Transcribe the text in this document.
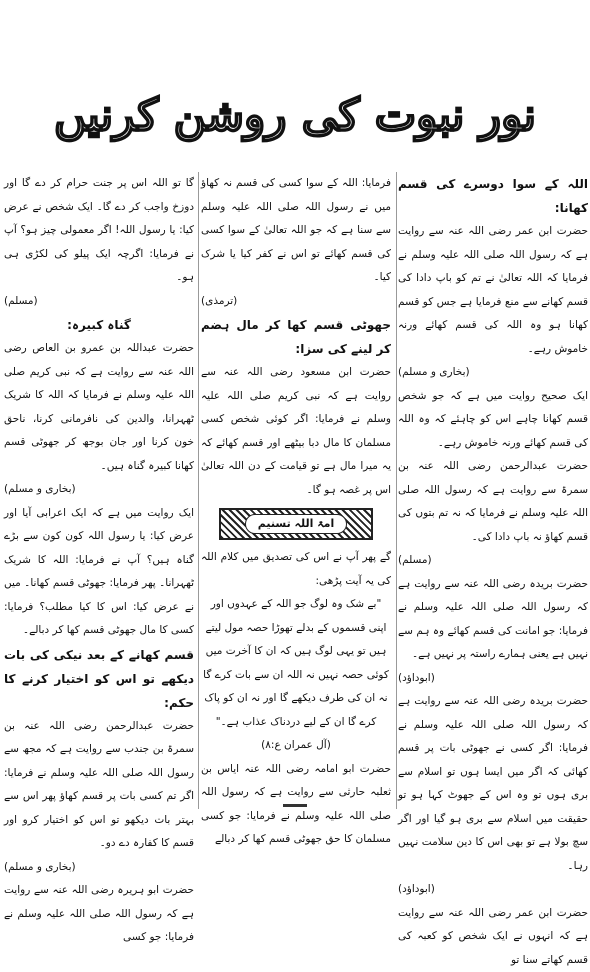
نور نبوت کی روشن کرنیں
اللہ کے سوا دوسرے کی قسم کھانا:

حضرت ابن عمر رضی اللہ عنہ سے روایت ہے کہ رسول اللہ صلی اللہ علیہ وسلم نے فرمایا کہ اللہ تعالیٰ نے تم کو باپ دادا کی قسم کھانے سے منع فرمایا ہے جس کو قسم کھانا ہو وہ اللہ کی قسم کھائے ورنہ خاموش رہے۔

(بخاری و مسلم)

ایک صحیح روایت میں ہے کہ جو شخص قسم کھانا چاہے اس کو چاہئے کہ وہ اللہ کی قسم کھائے ورنہ خاموش رہے۔

حضرت عبدالرحمن رضی اللہ عنہ بن سمرۃ سے روایت ہے کہ رسول اللہ صلی اللہ علیہ وسلم نے فرمایا کہ نہ تم بتوں کی قسم کھاؤ نہ باپ دادا کی۔

(مسلم)

حضرت بریدہ رضی اللہ عنہ سے روایت ہے کہ رسول اللہ صلی اللہ علیہ وسلم نے فرمایا: جو امانت کی قسم کھائے وہ ہم سے نہیں ہے یعنی ہمارے راستہ پر نہیں ہے۔

(ابوداؤد)

حضرت بریدہ رضی اللہ عنہ سے روایت ہے کہ رسول اللہ صلی اللہ علیہ وسلم نے فرمایا: اگر کسی نے جھوٹی بات پر قسم کھائی کہ اگر میں ایسا ہوں تو اسلام سے بری ہوں تو وہ اس کے جھوٹ کہا ہو تو حقیقت میں اسلام سے بری ہو گیا اور اگر سچ بولا ہے تو بھی اس کا دین سلامت نہیں رہا۔

(ابوداؤد)

حضرت ابن عمر رضی اللہ عنہ سے روایت ہے کہ انہوں نے ایک شخص کو کعبہ کی قسم کھاتے سنا تو

فرمایا: اللہ کے سوا کسی کی قسم نہ کھاؤ میں نے رسول اللہ صلی اللہ علیہ وسلم سے سنا ہے کہ جو اللہ تعالیٰ کے سوا کسی کی قسم کھائے تو اس نے کفر کیا یا شرک کیا۔

(ترمذی)

جھوٹی قسم کھا کر مال ہضم کر لینے کی سزا:

حضرت ابن مسعود رضی اللہ عنہ سے روایت ہے کہ نبی کریم صلی اللہ علیہ وسلم نے فرمایا: اگر کوئی شخص کسی مسلمان کا مال دبا بیٹھے اور قسم کھائے کہ یہ میرا مال ہے تو قیامت کے دن اللہ تعالیٰ اس پر غصہ ہو گا۔

امۃ اللہ تسنیم

گے پھر آپ نے اس کی تصدیق میں کلام اللہ کی یہ آیت پڑھی:

"بے شک وہ لوگ جو اللہ کے عہدوں اور اپنی قسموں کے بدلے تھوڑا حصہ مول لیتے ہیں تو یہی لوگ ہیں کہ ان کا آخرت میں کوئی حصہ نہیں نہ اللہ ان سے بات کرے گا نہ ان کی طرف دیکھے گا اور نہ ان کو پاک کرے گا ان کے لیے دردناک عذاب ہے۔"

(آل عمران ع:۸)

حضرت ابو امامہ رضی اللہ عنہ ایاس بن ثعلبہ حارثی سے روایت ہے کہ رسول اللہ صلی اللہ علیہ وسلم نے فرمایا: جو کسی مسلمان کا حق جھوٹی قسم کھا کر دبالے

گا تو اللہ اس پر جنت حرام کر دے گا اور دوزخ واجب کر دے گا۔ ایک شخص نے عرض کیا: یا رسول اللہ! اگر معمولی چیز ہو؟ آپ نے فرمایا: اگرچہ ایک پیلو کی لکڑی ہی ہو۔

(مسلم)

گناہ کبیرہ:

حضرت عبداللہ بن عمرو بن العاص رضی اللہ عنہ سے روایت ہے کہ نبی کریم صلی اللہ علیہ وسلم نے فرمایا کہ اللہ کا شریک ٹھہرانا، والدین کی نافرمانی کرنا، ناحق خون کرنا اور جان بوجھ کر جھوٹی قسم کھانا کبیرہ گناہ ہیں۔

(بخاری و مسلم)

ایک روایت میں ہے کہ ایک اعرابی آیا اور عرض کیا: یا رسول اللہ کون کون سے بڑے گناہ ہیں؟ آپ نے فرمایا: اللہ کا شریک ٹھہرانا۔ پھر فرمایا: جھوٹی قسم کھانا۔ میں نے عرض کیا: اس کا کیا مطلب؟ فرمایا: کسی کا مال جھوٹی قسم کھا کر دبالے۔

قسم کھانے کے بعد نیکی کی بات دیکھے تو اس کو اختیار کرنے کا حکم:

حضرت عبدالرحمن رضی اللہ عنہ بن سمرۃ بن جندب سے روایت ہے کہ مجھ سے رسول اللہ صلی اللہ علیہ وسلم نے فرمایا: اگر تم کسی بات پر قسم کھاؤ پھر اس سے بہتر بات دیکھو تو اس کو اختیار کرو اور قسم کا کفارہ دے دو۔

(بخاری و مسلم)

حضرت ابو ہریرہ رضی اللہ عنہ سے روایت ہے کہ رسول اللہ صلی اللہ علیہ وسلم نے فرمایا: جو کسی
